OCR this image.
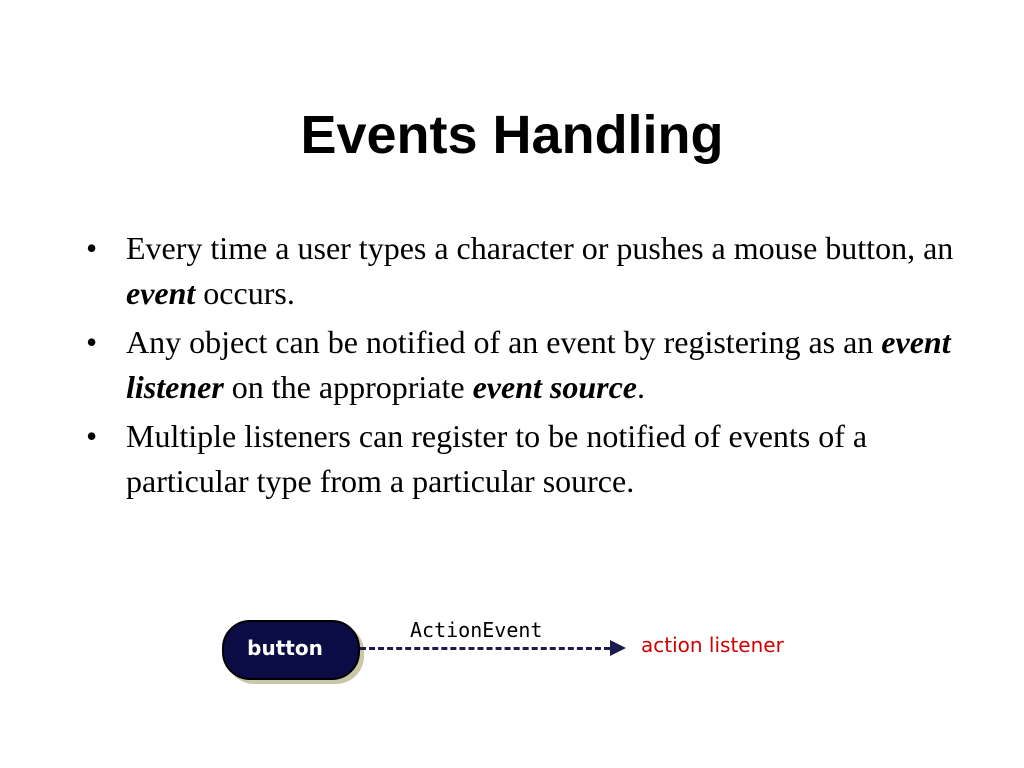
Events Handling
• Every time a user types a character or pushes a mouse button, an event occurs.
• Any object can be notified of an event by registering as an event listener on the appropriate event source.
• Multiple listeners can register to be notified of events of a particular type from a particular source.
button
ActionEvent
action listener
